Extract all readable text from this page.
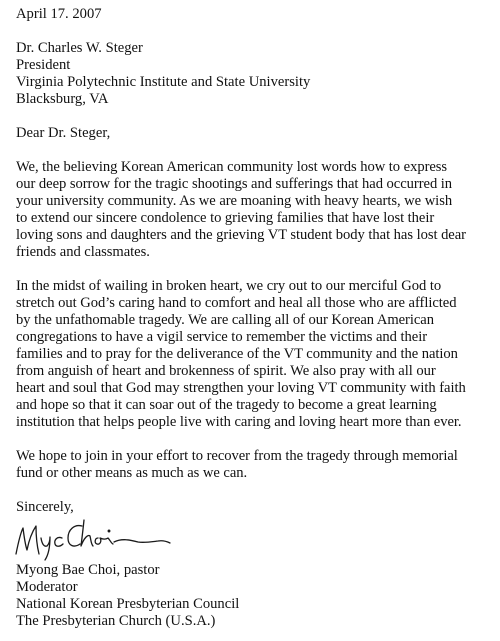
April 17. 2007
Dr. Charles W. Steger
President
Virginia Polytechnic Institute and State University
Blacksburg, VA
Dear Dr. Steger,
We, the believing Korean American community lost words how to express
our deep sorrow for the tragic shootings and sufferings that had occurred in
your university community. As we are moaning with heavy hearts, we wish
to extend our sincere condolence to grieving families that have lost their
loving sons and daughters and the grieving VT student body that has lost dear
friends and classmates.
In the midst of wailing in broken heart, we cry out to our merciful God to
stretch out God’s caring hand to comfort and heal all those who are afflicted
by the unfathomable tragedy. We are calling all of our Korean American
congregations to have a vigil service to remember the victims and their
families and to pray for the deliverance of the VT community and the nation
from anguish of heart and brokenness of spirit. We also pray with all our
heart and soul that God may strengthen your loving VT community with faith
and hope so that it can soar out of the tragedy to become a great learning
institution that helps people live with caring and loving heart more than ever.
We hope to join in your effort to recover from the tragedy through memorial
fund or other means as much as we can.
Sincerely,
Myong Bae Choi, pastor
Moderator
National Korean Presbyterian Council
The Presbyterian Church (U.S.A.)
